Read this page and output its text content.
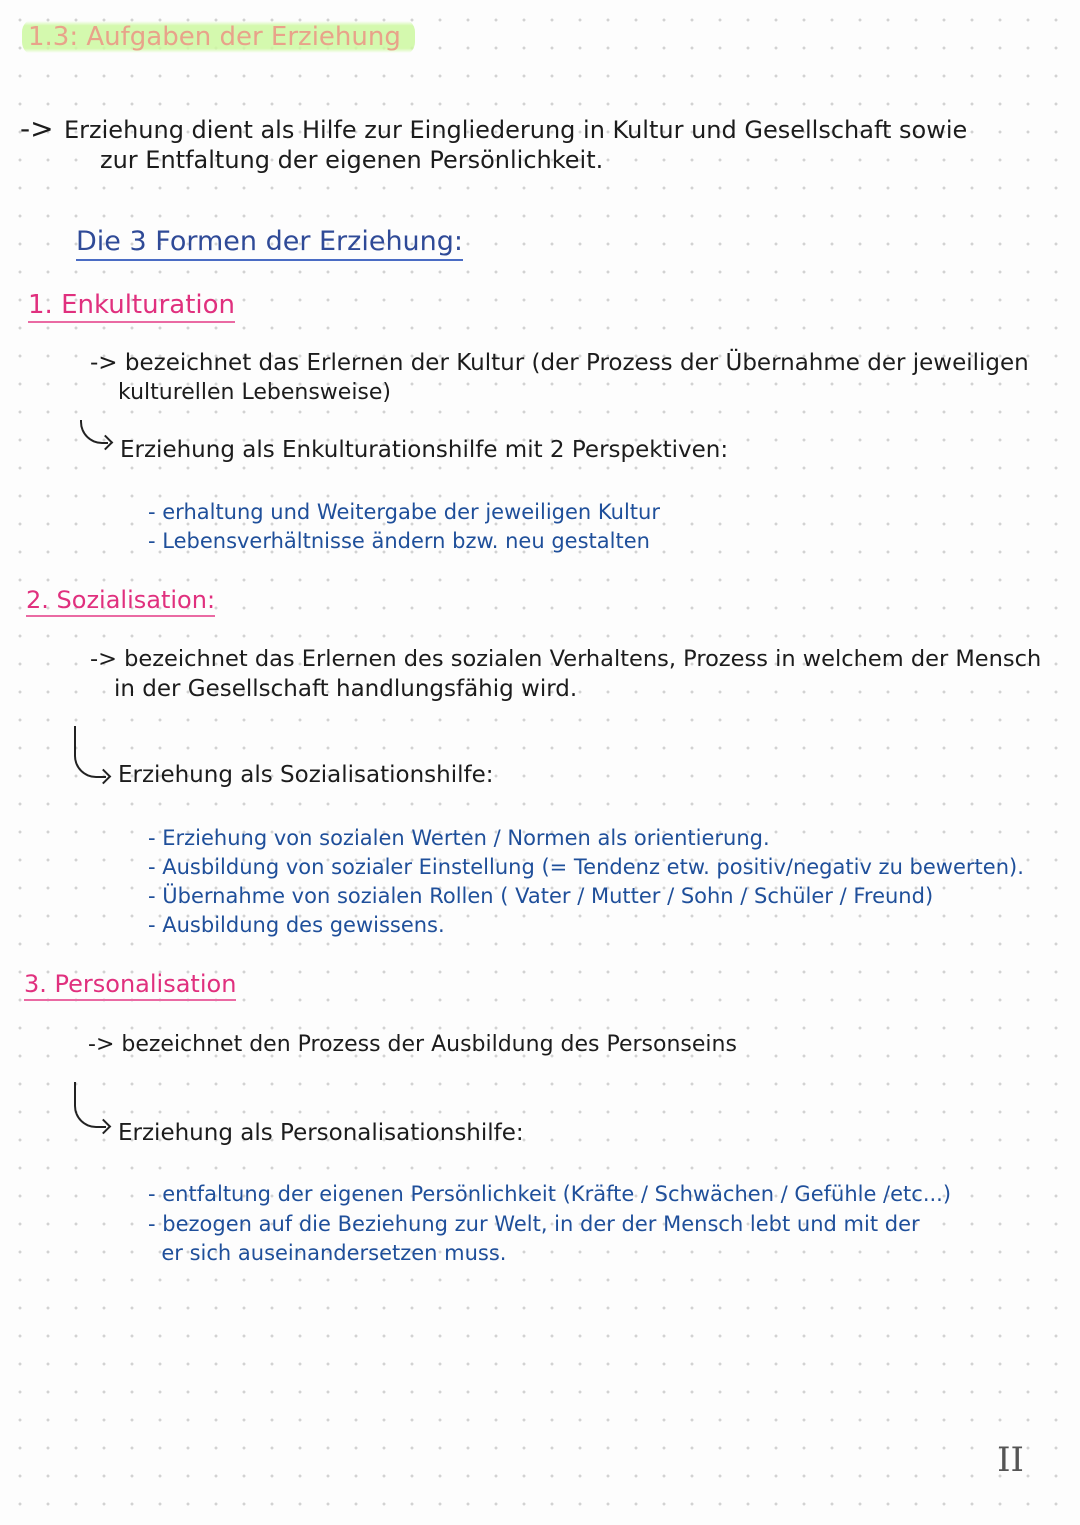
1.3: Aufgaben der Erziehung
-> Erziehung dient als Hilfe zur Eingliederung in Kultur und Gesellschaft sowie
zur Entfaltung der eigenen Persönlichkeit.
Die 3 Formen der Erziehung:
1. Enkulturation
-> bezeichnet das Erlernen der Kultur (der Prozess der Übernahme der jeweiligen
kulturellen Lebensweise)
Erziehung als Enkulturationshilfe mit 2 Perspektiven:
- erhaltung und Weitergabe der jeweiligen Kultur
- Lebensverhältnisse ändern bzw. neu gestalten
2. Sozialisation:
-> bezeichnet das Erlernen des sozialen Verhaltens, Prozess in welchem der Mensch
in der Gesellschaft handlungsfähig wird.
Erziehung als Sozialisationshilfe:
- Erziehung von sozialen Werten / Normen als orientierung.
- Ausbildung von sozialer Einstellung (= Tendenz etw. positiv/negativ zu bewerten).
- Übernahme von sozialen Rollen ( Vater / Mutter / Sohn / Schüler / Freund)
- Ausbildung des gewissens.
3. Personalisation
-> bezeichnet den Prozess der Ausbildung des Personseins
Erziehung als Personalisationshilfe:
- entfaltung der eigenen Persönlichkeit (Kräfte / Schwächen / Gefühle /etc...)
- bezogen auf die Beziehung zur Welt, in der der Mensch lebt und mit der
er sich auseinandersetzen muss.
II
